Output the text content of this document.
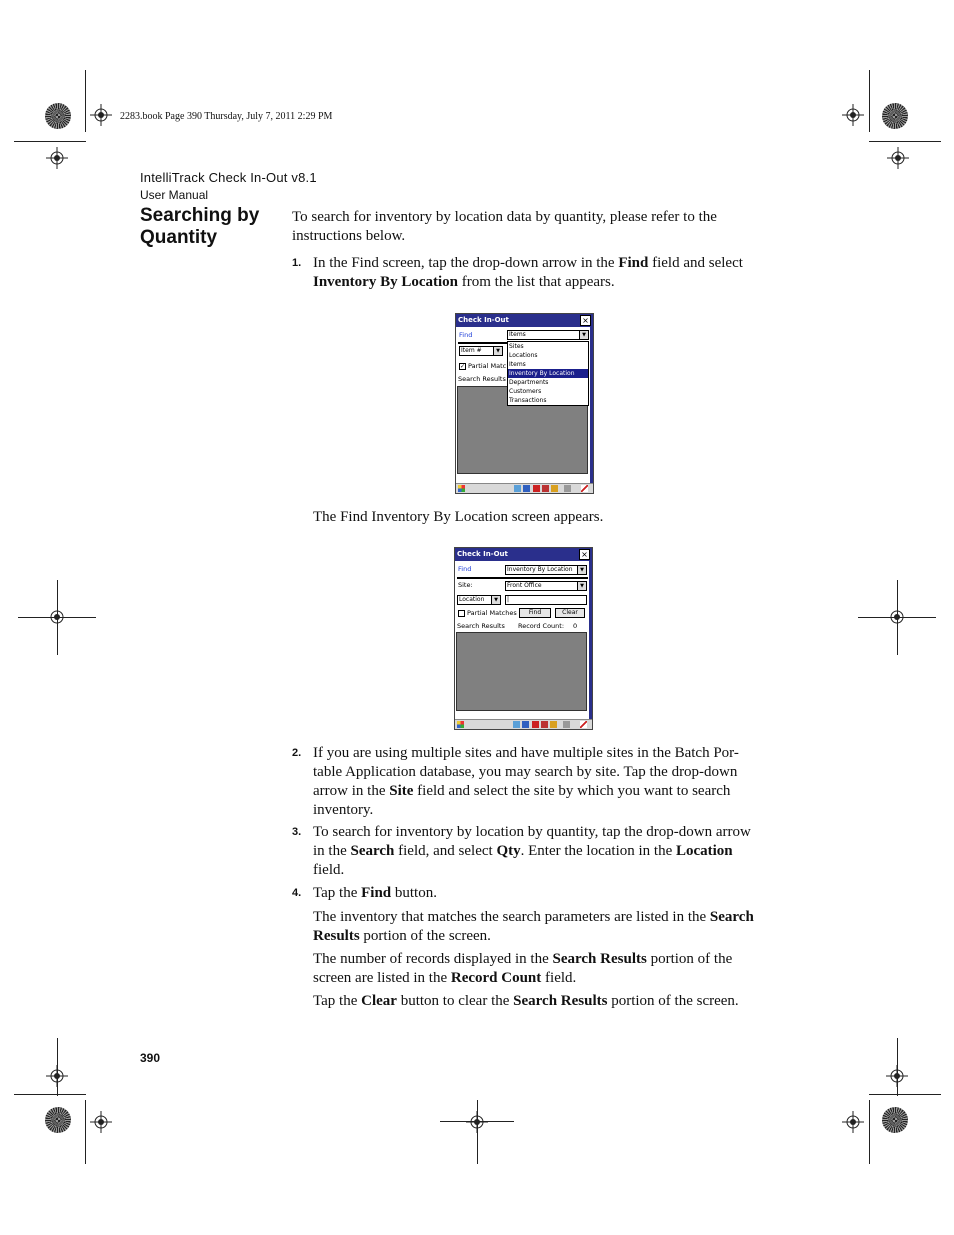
2283.book Page 390 Thursday, July 7, 2011 2:29 PM
IntelliTrack Check In-Out v8.1
User Manual
Searching by
Quantity
To search for inventory by location data by quantity, please refer to the instructions below.
1. In the Find screen, tap the drop-down arrow in the Find field and select Inventory By Location from the list that appears.
Check In-Out	×
Find	Items	▼
Item #	▼
✓ Partial Matc
Search Results
Sites
Locations
Items
Inventory By Location
Departments
Customers
Transactions
The Find Inventory By Location screen appears.
Check In-Out	×
Find	Inventory By Location	▼
Site:	Front Office	▼
Location	▼	|
Partial Matches	Find	Clear
Search Results Record Count: 0
2. If you are using multiple sites and have multiple sites in the Batch Por-table Application database, you may search by site. Tap the drop-down arrow in the Site field and select the site by which you want to search inventory.
3. To search for inventory by location by quantity, tap the drop-down arrow in the Search field, and select Qty. Enter the location in the Location field.
4. Tap the Find button.
The inventory that matches the search parameters are listed in the Search Results portion of the screen.
The number of records displayed in the Search Results portion of the screen are listed in the Record Count field.
Tap the Clear button to clear the Search Results portion of the screen.
390
